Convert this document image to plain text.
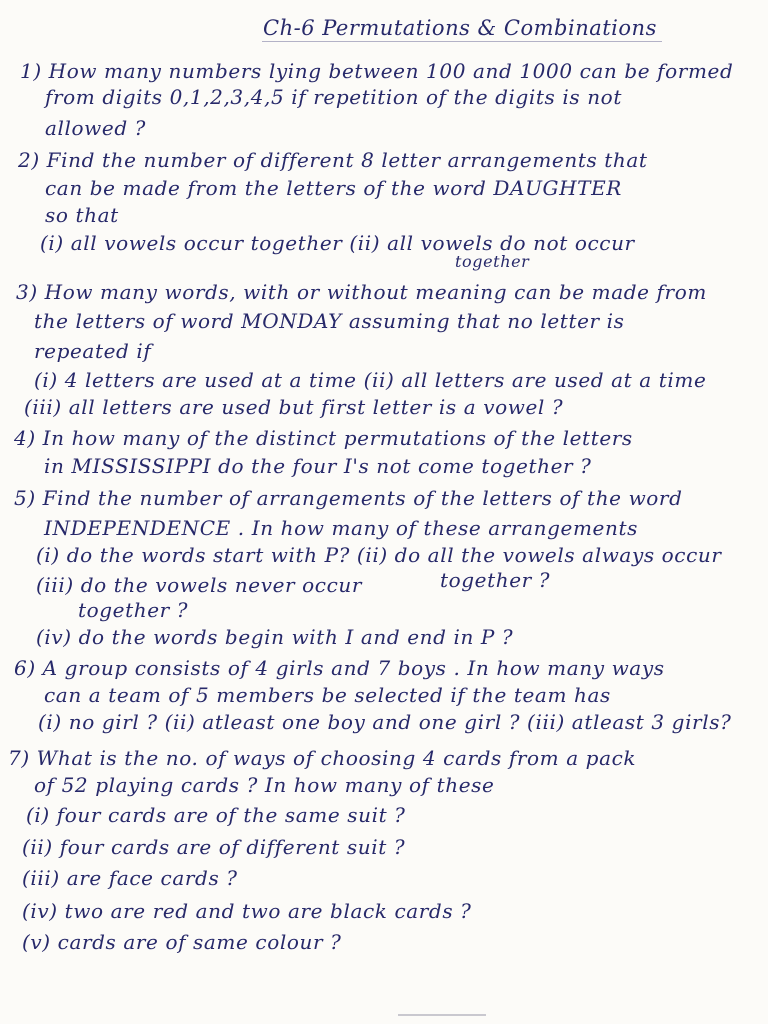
Ch-6 Permutations & Combinations
1) How many numbers lying between 100 and 1000 can be formed
from digits 0,1,2,3,4,5 if repetition of the digits is not
allowed ?
2) Find the number of different 8 letter arrangements that
can be made from the letters of the word DAUGHTER
so that
(i) all vowels occur together (ii) all vowels do not occur
together
3) How many words, with or without meaning can be made from
the letters of word MONDAY assuming that no letter is
repeated if
(i) 4 letters are used at a time (ii) all letters are used at a time
(iii) all letters are used but first letter is a vowel ?
4) In how many of the distinct permutations of the letters
in MISSISSIPPI do the four I's not come together ?
5) Find the number of arrangements of the letters of the word
INDEPENDENCE . In how many of these arrangements
(i) do the words start with P? (ii) do all the vowels always occur
(iii) do the vowels never occur	together ?
together ?
(iv) do the words begin with I and end in P ?
6) A group consists of 4 girls and 7 boys . In how many ways
can a team of 5 members be selected if the team has
(i) no girl ? (ii) atleast one boy and one girl ? (iii) atleast 3 girls?
7) What is the no. of ways of choosing 4 cards from a pack
of 52 playing cards ? In how many of these
(i) four cards are of the same suit ?
(ii) four cards are of different suit ?
(iii) are face cards ?
(iv) two are red and two are black cards ?
(v) cards are of same colour ?
